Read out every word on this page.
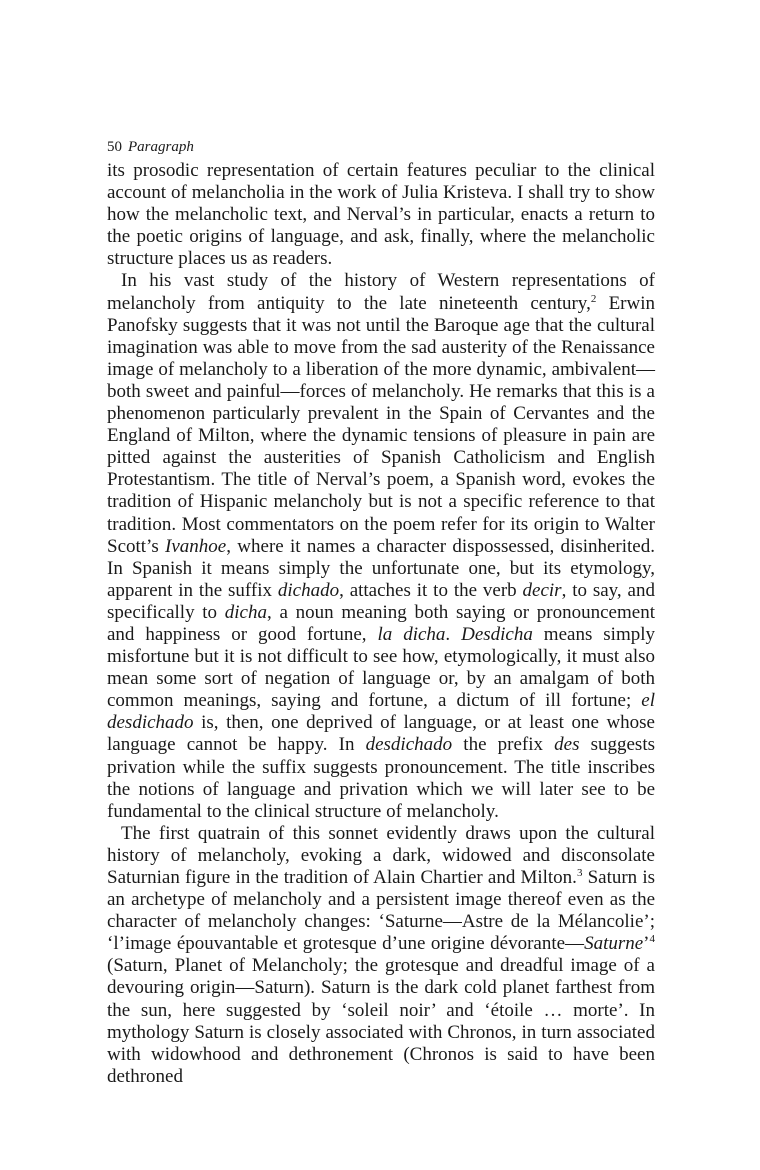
50 Paragraph

its prosodic representation of certain features peculiar to the clinical account of melancholia in the work of Julia Kristeva. I shall try to show how the melancholic text, and Nerval’s in particular, enacts a return to the poetic origins of language, and ask, finally, where the melancholic structure places us as readers.

In his vast study of the history of Western representations of melancholy from antiquity to the late nineteenth century,$^2$ Erwin Panofsky suggests that it was not until the Baroque age that the cultural imagination was able to move from the sad austerity of the Renaissance image of melancholy to a liberation of the more dynamic, ambivalent—both sweet and painful—forces of melancholy. He remarks that this is a phenomenon particularly prevalent in the Spain of Cervantes and the England of Milton, where the dynamic tensions of pleasure in pain are pitted against the austerities of Spanish Catholicism and English Protestantism. The title of Nerval’s poem, a Spanish word, evokes the tradition of Hispanic melancholy but is not a specific reference to that tradition. Most commentators on the poem refer for its origin to Walter Scott’s Ivanhoe, where it names a character dispossessed, disinherited. In Spanish it means simply the unfortunate one, but its etymology, apparent in the suffix dichado, attaches it to the verb decir, to say, and specifically to dicha, a noun meaning both saying or pronouncement and happiness or good fortune, la dicha. Desdicha means simply misfortune but it is not difficult to see how, etymologically, it must also mean some sort of negation of language or, by an amalgam of both common meanings, saying and fortune, a dictum of ill fortune; el desdichado is, then, one deprived of language, or at least one whose language cannot be happy. In desdichado the prefix des suggests privation while the suffix suggests pronouncement. The title inscribes the notions of language and privation which we will later see to be fundamental to the clinical structure of melancholy.

The first quatrain of this sonnet evidently draws upon the cultural history of melancholy, evoking a dark, widowed and disconsolate Saturnian figure in the tradition of Alain Chartier and Milton.$^3$ Saturn is an archetype of melancholy and a persistent image thereof even as the character of melancholy changes: ‘Saturne—Astre de la Mélancolie’; ‘l’image épouvantable et grotesque d’une origine dévorante—Saturne’$^4$ (Saturn, Planet of Melancholy; the grotesque and dreadful image of a devouring origin—Saturn). Saturn is the dark cold planet farthest from the sun, here suggested by ‘soleil noir’ and ‘étoile … morte’. In mythology Saturn is closely associated with Chronos, in turn associated with widowhood and dethronement (Chronos is said to have been dethroned
